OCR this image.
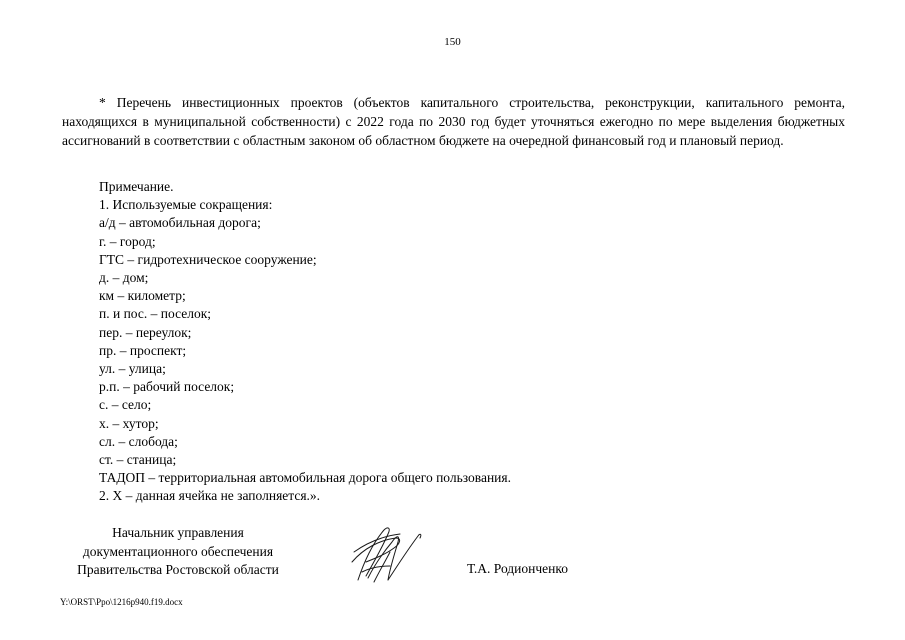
150

* Перечень инвестиционных проектов (объектов капитального строительства, реконструкции, капитального ремонта, находящихся в муниципальной собственности) с 2022 года по 2030 год будет уточняться ежегодно по мере выделения бюджетных ассигнований в соответствии с областным законом об областном бюджете на очередной финансовый год и плановый период.

Примечание.
1. Используемые сокращения:
а/д – автомобильная дорога;
г. – город;
ГТС – гидротехническое сооружение;
д. – дом;
км – километр;
п. и пос. – поселок;
пер. – переулок;
пр. – проспект;
ул. – улица;
р.п. – рабочий поселок;
с. – село;
х. – хутор;
сл. – слобода;
ст. – станица;
ТАДОП – территориальная автомобильная дорога общего пользования.
2. Х – данная ячейка не заполняется.».
Начальник управления
документационного обеспечения
Правительства Ростовской области	Т.А. Родионченко
Y:\ORST\Ppo\1216p940.f19.docx
